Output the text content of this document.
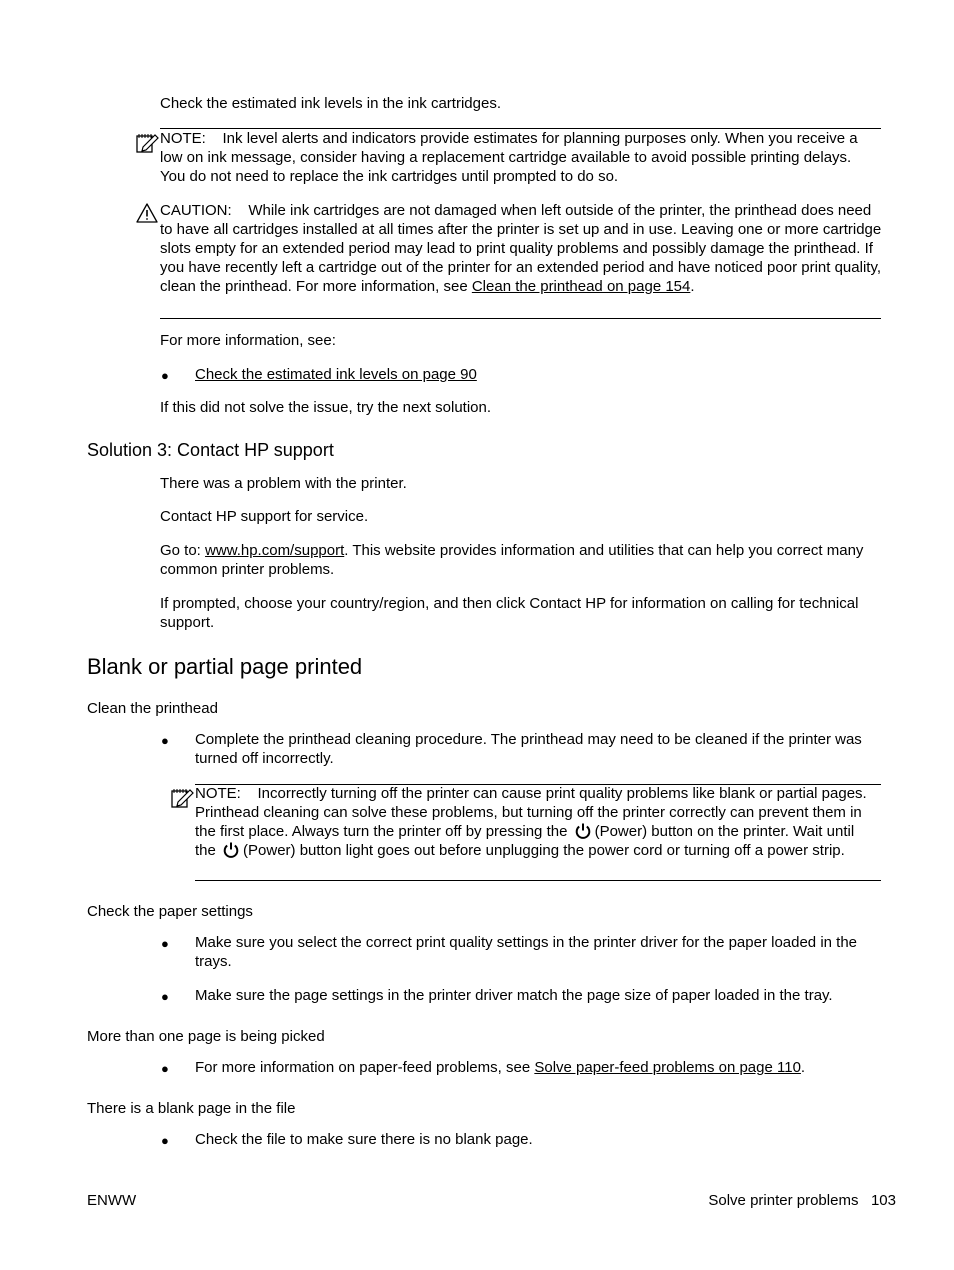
Check the estimated ink levels in the ink cartridges.
NOTE: Ink level alerts and indicators provide estimates for planning purposes only. When you receive a low on ink message, consider having a replacement cartridge available to avoid possible printing delays. You do not need to replace the ink cartridges until prompted to do so.
CAUTION: While ink cartridges are not damaged when left outside of the printer, the printhead does need to have all cartridges installed at all times after the printer is set up and in use. Leaving one or more cartridge slots empty for an extended period may lead to print quality problems and possibly damage the printhead. If you have recently left a cartridge out of the printer for an extended period and have noticed poor print quality, clean the printhead. For more information, see Clean the printhead on page 154.
For more information, see:
● Check the estimated ink levels on page 90
If this did not solve the issue, try the next solution.
Solution 3: Contact HP support
There was a problem with the printer.
Contact HP support for service.
Go to: www.hp.com/support. This website provides information and utilities that can help you correct many common printer problems.
If prompted, choose your country/region, and then click Contact HP for information on calling for technical support.
Blank or partial page printed
Clean the printhead
● Complete the printhead cleaning procedure. The printhead may need to be cleaned if the printer was turned off incorrectly.
NOTE: Incorrectly turning off the printer can cause print quality problems like blank or partial pages. Printhead cleaning can solve these problems, but turning off the printer correctly can prevent them in the first place. Always turn the printer off by pressing the (Power) button on the printer. Wait until the (Power) button light goes out before unplugging the power cord or turning off a power strip.
Check the paper settings
● Make sure you select the correct print quality settings in the printer driver for the paper loaded in the trays.
● Make sure the page settings in the printer driver match the page size of paper loaded in the tray.
More than one page is being picked
● For more information on paper-feed problems, see Solve paper-feed problems on page 110.
There is a blank page in the file
● Check the file to make sure there is no blank page.
ENWW	Solve printer problems 103
